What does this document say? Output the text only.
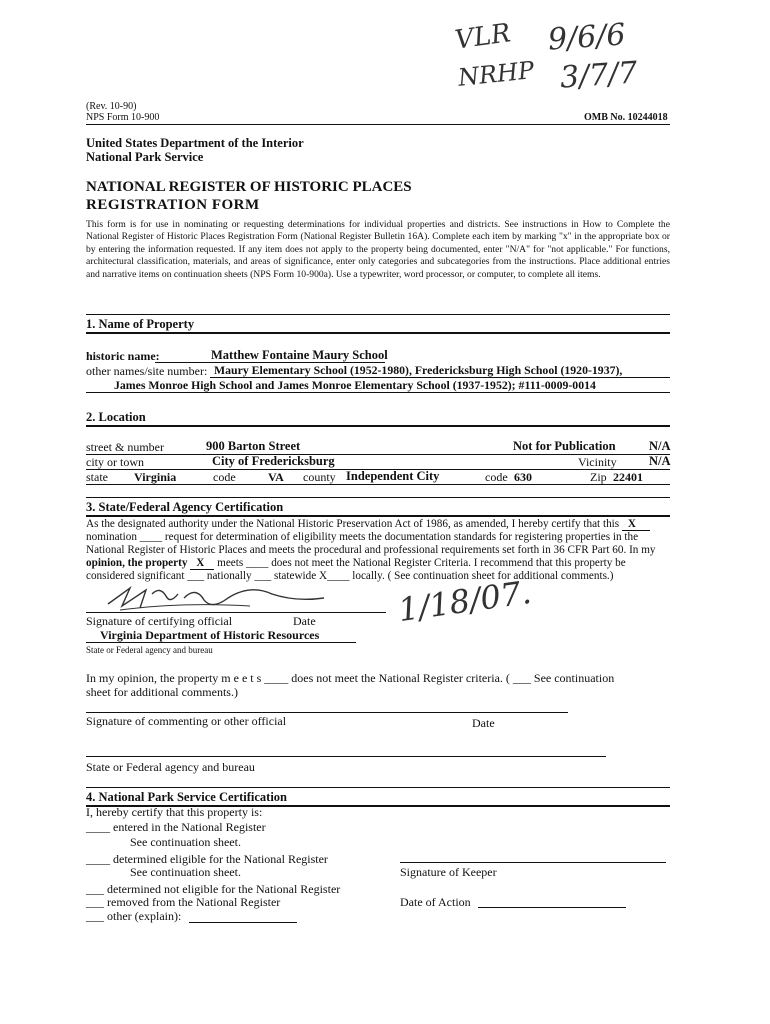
VLR
NRHP
9/6/6
3/7/7
(Rev. 10-90)
NPS Form 10-900	OMB No. 10244018
United States Department of the Interior
National Park Service
NATIONAL REGISTER OF HISTORIC PLACES
REGISTRATION FORM
This form is for use in nominating or requesting determinations for individual properties and districts. See instructions in How to Complete the National Register of Historic Places Registration Form (National Register Bulletin 16A). Complete each item by marking "x" in the appropriate box or by entering the information requested. If any item does not apply to the property being documented, enter "N/A" for "not applicable." For functions, architectural classification, materials, and areas of significance, enter only categories and subcategories from the instructions. Place additional entries and narrative items on continuation sheets (NPS Form 10-900a). Use a typewriter, word processor, or computer, to complete all items.
1. Name of Property
historic name:	Matthew Fontaine Maury School
other names/site number: Maury Elementary School (1952-1980), Fredericksburg High School (1920-1937),
James Monroe High School and James Monroe Elementary School (1937-1952); #111-0009-0014
2. Location
street & number	900 Barton Street	Not for Publication	N/A
city or town	City of Fredericksburg	Vicinity	N/A
state Virginia	code	VA county Independent City	code 630	Zip 22401
3. State/Federal Agency Certification
As the designated authority under the National Historic Preservation Act of 1986, as amended, I hereby certify that this X
nomination ____ request for determination of eligibility meets the documentation standards for registering properties in the
National Register of Historic Places and meets the procedural and professional requirements set forth in 36 CFR Part 60. In my
opinion, the property X meets ____ does not meet the National Register Criteria. I recommend that this property be
considered significant ___ nationally ___ statewide X____ locally. ( See continuation sheet for additional comments.)
1/18/07.
Signature of certifying official	Date
Virginia Department of Historic Resources
State or Federal agency and bureau
In my opinion, the property m e e t s ____ does not meet the National Register criteria. ( ___ See continuation
sheet for additional comments.)
Signature of commenting or other official	Date
State or Federal agency and bureau
4. National Park Service Certification
I, hereby certify that this property is:
____ entered in the National Register
See continuation sheet.
____ determined eligible for the National Register
See continuation sheet.
___ determined not eligible for the National Register
___ removed from the National Register
___ other (explain):
Signature of Keeper
Date of Action
